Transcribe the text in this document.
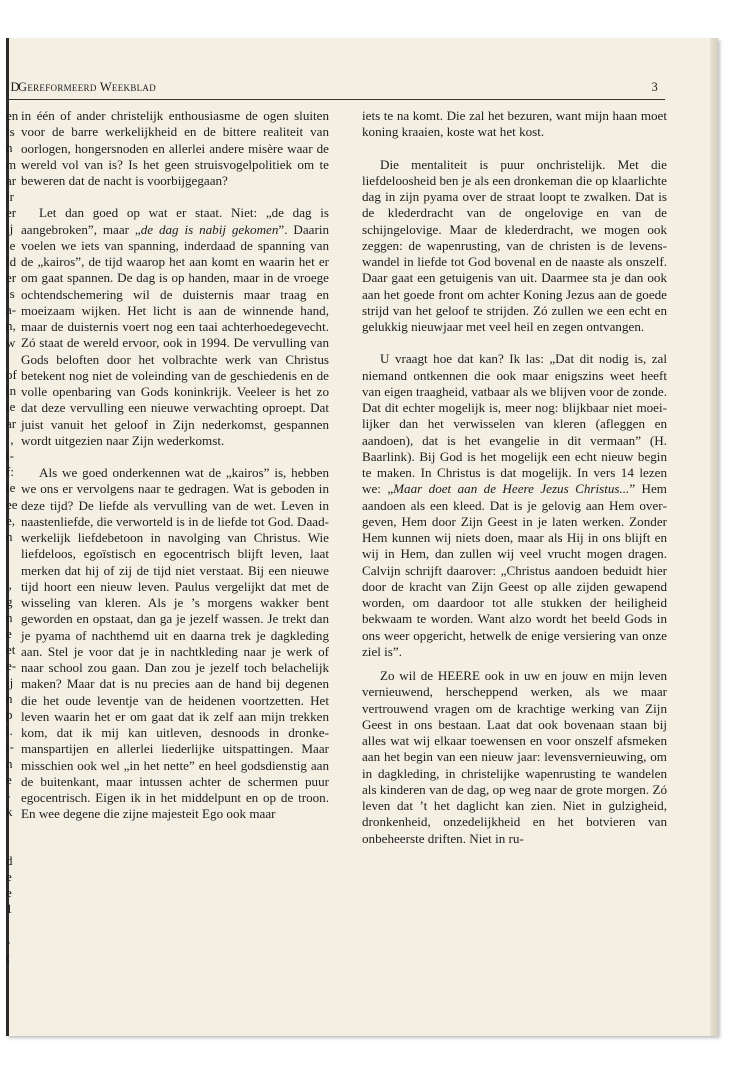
‘D
Gereformeerd Weekblad	3
en
is
n
m
ar
ir
er
ij
le
id
er
is
a-
n,
w
of
in
le
ar
’,
l-
f:
le
ee
e,
n
„
g
n
e
et
e-
ij
n
p
l.
l-
n
e
-
k
d
e
e
1
-
t

in één of ander christelijk enthousiasme de ogen sluiten voor de barre werkelijkheid en de bittere realiteit van oorlogen, hongersnoden en allerlei andere misère waar de wereld vol van is? Is het geen struisvogelpolitiek om te beweren dat de nacht is voorbijgegaan?

Let dan goed op wat er staat. Niet: „de dag is aangebroken”, maar „de dag is nabij gekomen”. Daarin voelen we iets van spanning, inderdaad de spanning van de „kairos”, de tijd waarop het aan komt en waarin het er om gaat spannen. De dag is op handen, maar in de vroege ochtendschemering wil de duisternis maar traag en moeizaam wijken. Het licht is aan de winnende hand, maar de duisternis voert nog een taai achterhoedegevecht. Zó staat de wereld ervoor, ook in 1994. De vervulling van Gods beloften door het volbrachte werk van Christus betekent nog niet de voleinding van de geschiedenis en de volle openbaring van Gods koninkrijk. Veeleer is het zo dat deze vervulling een nieuwe verwachting oproept. Dat juist vanuit het geloof in Zijn nederkomst, gespannen wordt uitgezien naar Zijn wederkomst.

Als we goed onderkennen wat de „kairos” is, hebben we ons er vervolgens naar te gedragen. Wat is geboden in deze tijd? De liefde als vervulling van de wet. Leven in naastenliefde, die verworteld is in de liefde tot God. Daadwerkelijk liefdebetoon in navolging van Christus. Wie liefdeloos, egoïstisch en egocentrisch blijft leven, laat merken dat hij of zij de tijd niet verstaat. Bij een nieuwe tijd hoort een nieuw leven. Paulus vergelijkt dat met de wisseling van kleren. Als je ’s morgens wakker bent geworden en opstaat, dan ga je jezelf wassen. Je trekt dan je pyama of nachthemd uit en daarna trek je dagkleding aan. Stel je voor dat je in nachtkleding naar je werk of naar school zou gaan. Dan zou je jezelf toch belachelijk maken? Maar dat is nu precies aan de hand bij degenen die het oude leventje van de heidenen voortzetten. Het leven waarin het er om gaat dat ik zelf aan mijn trekken kom, dat ik mij kan uitleven, desnoods in dronkemanspartijen en allerlei liederlijke uitspattingen. Maar misschien ook wel „in het nette” en heel godsdienstig aan de buitenkant, maar intussen achter de schermen puur egocentrisch. Eigen ik in het middelpunt en op de troon. En wee degene die zijne majesteit Ego ook maar

iets te na komt. Die zal het bezuren, want mijn haan moet koning kraaien, koste wat het kost.

Die mentaliteit is puur onchristelijk. Met die liefdeloosheid ben je als een dronkeman die op klaarlichte dag in zijn pyama over de straat loopt te zwalken. Dat is de klederdracht van de ongelovige en van de schijngelovige. Maar de klederdracht, we mogen ook zeggen: de wapenrusting, van de christen is de levenswandel in liefde tot God bovenal en de naaste als onszelf. Daar gaat een getuigenis van uit. Daarmee sta je dan ook aan het goede front om achter Koning Jezus aan de goede strijd van het geloof te strijden. Zó zullen we een echt en gelukkig nieuwjaar met veel heil en zegen ontvangen.

U vraagt hoe dat kan? Ik las: „Dat dit nodig is, zal niemand ontkennen die ook maar enigszins weet heeft van eigen traagheid, vatbaar als we blijven voor de zonde. Dat dit echter mogelijk is, meer nog: blijkbaar niet moeilijker dan het verwisselen van kleren (afleggen en aandoen), dat is het evangelie in dit vermaan” (H. Baarlink). Bij God is het mogelijk een echt nieuw begin te maken. In Christus is dat mogelijk. In vers 14 lezen we: „Maar doet aan de Heere Jezus Christus...” Hem aandoen als een kleed. Dat is je gelovig aan Hem overgeven, Hem door Zijn Geest in je laten werken. Zonder Hem kunnen wij niets doen, maar als Hij in ons blijft en wij in Hem, dan zullen wij veel vrucht mogen dragen. Calvijn schrijft daarover: „Christus aandoen beduidt hier door de kracht van Zijn Geest op alle zijden gewapend worden, om daardoor tot alle stukken der heiligheid bekwaam te worden. Want alzo wordt het beeld Gods in ons weer opgericht, hetwelk de enige versiering van onze ziel is”.

Zo wil de HEERE ook in uw en jouw en mijn leven vernieuwend, herscheppend werken, als we maar vertrouwend vragen om de krachtige werking van Zijn Geest in ons bestaan. Laat dat ook bovenaan staan bij alles wat wij elkaar toewensen en voor onszelf afsmeken aan het begin van een nieuw jaar: levensvernieuwing, om in dagkleding, in christelijke wapenrusting te wandelen als kinderen van de dag, op weg naar de grote morgen. Zó leven dat ’t het daglicht kan zien. Niet in gulzigheid, dronkenheid, onzedelijkheid en het botvieren van onbeheerste driften. Niet in ru-
